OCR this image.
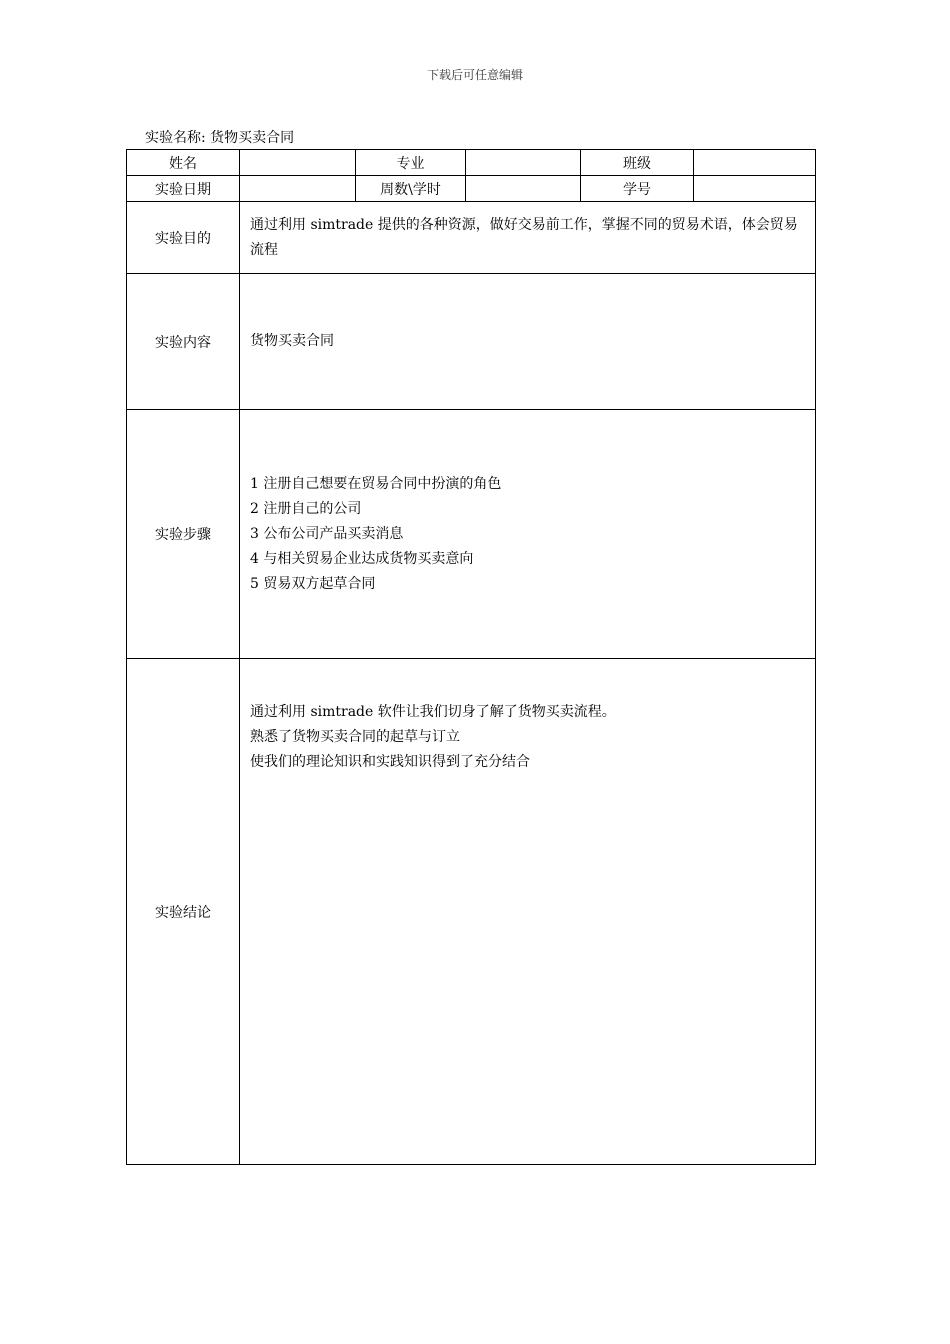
下载后可任意编辑
实验名称: 货物买卖合同
姓名		专业		班级	
实验日期		周数\学时		学号	
实验目的	通过利用 simtrade 提供的各种资源，做好交易前工作，掌握不同的贸易术语，体会贸易流程				
实验内容	货物买卖合同				
实验步骤	1 注册自己想要在贸易合同中扮演的角色
2 注册自己的公司
3 公布公司产品买卖消息
4 与相关贸易企业达成货物买卖意向
5 贸易双方起草合同				

实验结论	通过利用 simtrade 软件让我们切身了解了货物买卖流程。
熟悉了货物买卖合同的起草与订立
使我们的理论知识和实践知识得到了充分结合				
